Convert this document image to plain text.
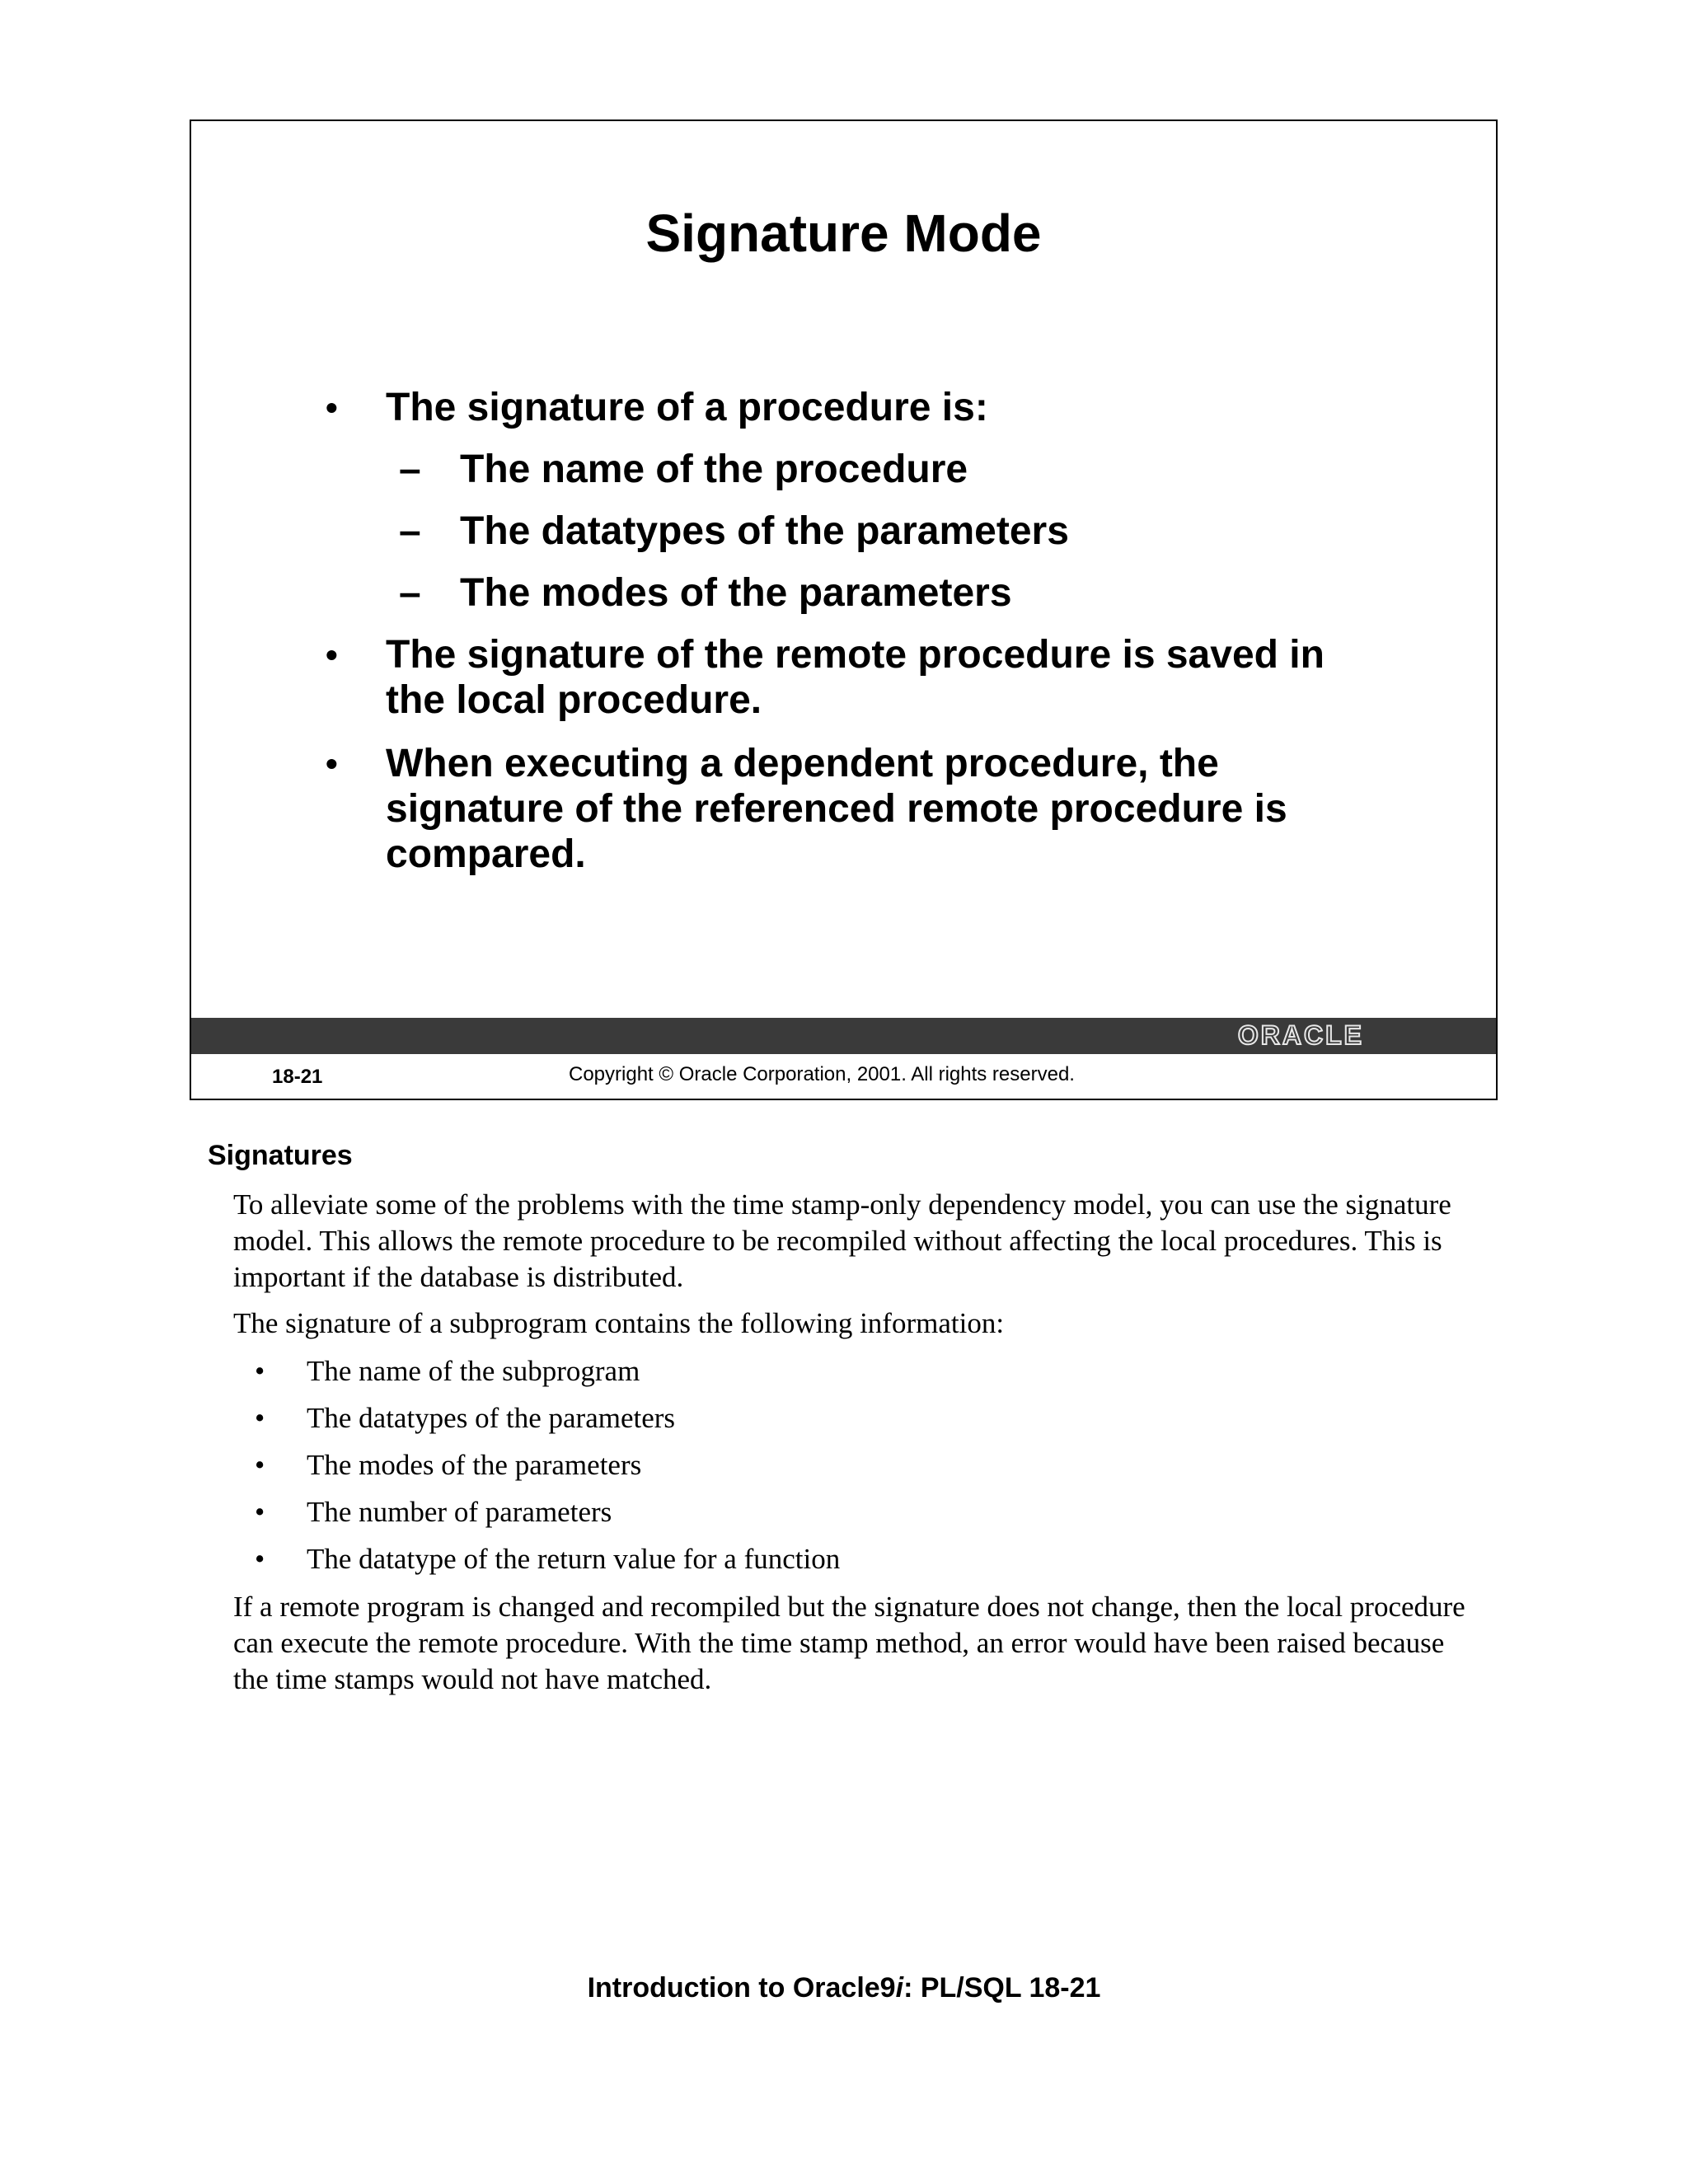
Signature Mode
• The signature of a procedure is:
– The name of the procedure
– The datatypes of the parameters
– The modes of the parameters
• The signature of the remote procedure is saved in the local procedure.
• When executing a dependent procedure, the signature of the referenced remote procedure is compared.
ORACLE
18-21	Copyright © Oracle Corporation, 2001. All rights reserved.
Signatures

To alleviate some of the problems with the time stamp-only dependency model, you can use the signature model. This allows the remote procedure to be recompiled without affecting the local procedures. This is important if the database is distributed.

The signature of a subprogram contains the following information:

• The name of the subprogram
• The datatypes of the parameters
• The modes of the parameters
• The number of parameters
• The datatype of the return value for a function

If a remote program is changed and recompiled but the signature does not change, then the local procedure can execute the remote procedure. With the time stamp method, an error would have been raised because the time stamps would not have matched.

Introduction to Oracle9i: PL/SQL 18-21
